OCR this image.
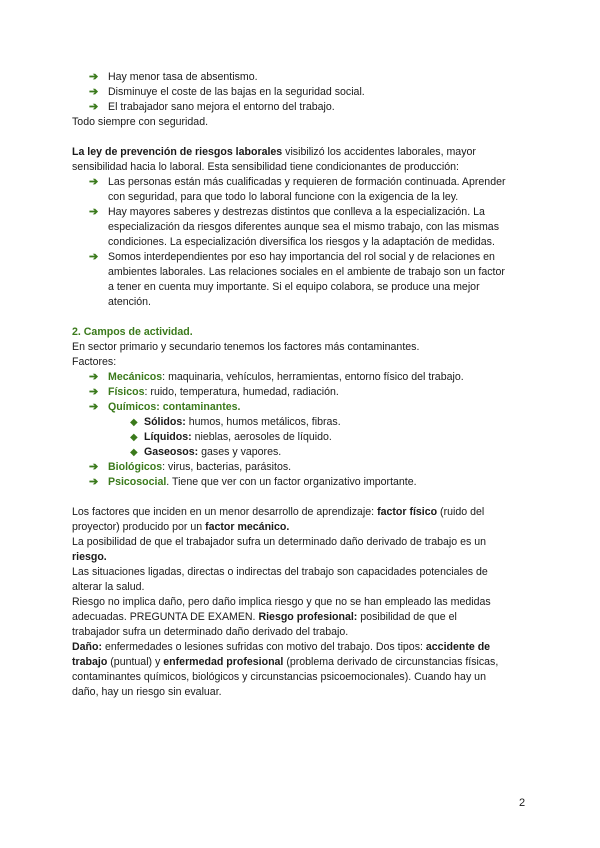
➔ Hay menor tasa de absentismo.
➔ Disminuye el coste de las bajas en la seguridad social.
➔ El trabajador sano mejora el entorno del trabajo.

Todo siempre con seguridad.

La ley de prevención de riesgos laborales visibilizó los accidentes laborales, mayor

sensibilidad hacia lo laboral. Esta sensibilidad tiene condicionantes de producción:

➔ Las personas están más cualificadas y requieren de formación continuada. Aprender
con seguridad, para que todo lo laboral funcione con la exigencia de la ley.
➔ Hay mayores saberes y destrezas distintos que conlleva a la especialización. La
especialización da riesgos diferentes aunque sea el mismo trabajo, con las mismas
condiciones. La especialización diversifica los riesgos y la adaptación de medidas.
➔ Somos interdependientes por eso hay importancia del rol social y de relaciones en
ambientes laborales. Las relaciones sociales en el ambiente de trabajo son un factor
a tener en cuenta muy importante. Si el equipo colabora, se produce una mejor
atención.

2. Campos de actividad.

En sector primario y secundario tenemos los factores más contaminantes.

Factores:

➔ Mecánicos: maquinaria, vehículos, herramientas, entorno físico del trabajo.
➔ Físicos: ruido, temperatura, humedad, radiación.
➔ Químicos: contaminantes.
◆ Sólidos: humos, humos metálicos, fibras.
◆ Líquidos: nieblas, aerosoles de líquido.
◆ Gaseosos: gases y vapores.
➔ Biológicos: virus, bacterias, parásitos.
➔ Psicosocial. Tiene que ver con un factor organizativo importante.

Los factores que inciden en un menor desarrollo de aprendizaje: factor físico (ruido del

proyector) producido por un factor mecánico.

La posibilidad de que el trabajador sufra un determinado daño derivado de trabajo es un

riesgo.

Las situaciones ligadas, directas o indirectas del trabajo son capacidades potenciales de

alterar la salud.

Riesgo no implica daño, pero daño implica riesgo y que no se han empleado las medidas

adecuadas. PREGUNTA DE EXAMEN. Riesgo profesional: posibilidad de que el

trabajador sufra un determinado daño derivado del trabajo.

Daño: enfermedades o lesiones sufridas con motivo del trabajo. Dos tipos: accidente de

trabajo (puntual) y enfermedad profesional (problema derivado de circunstancias físicas,

contaminantes químicos, biológicos y circunstancias psicoemocionales). Cuando hay un

daño, hay un riesgo sin evaluar.

2
